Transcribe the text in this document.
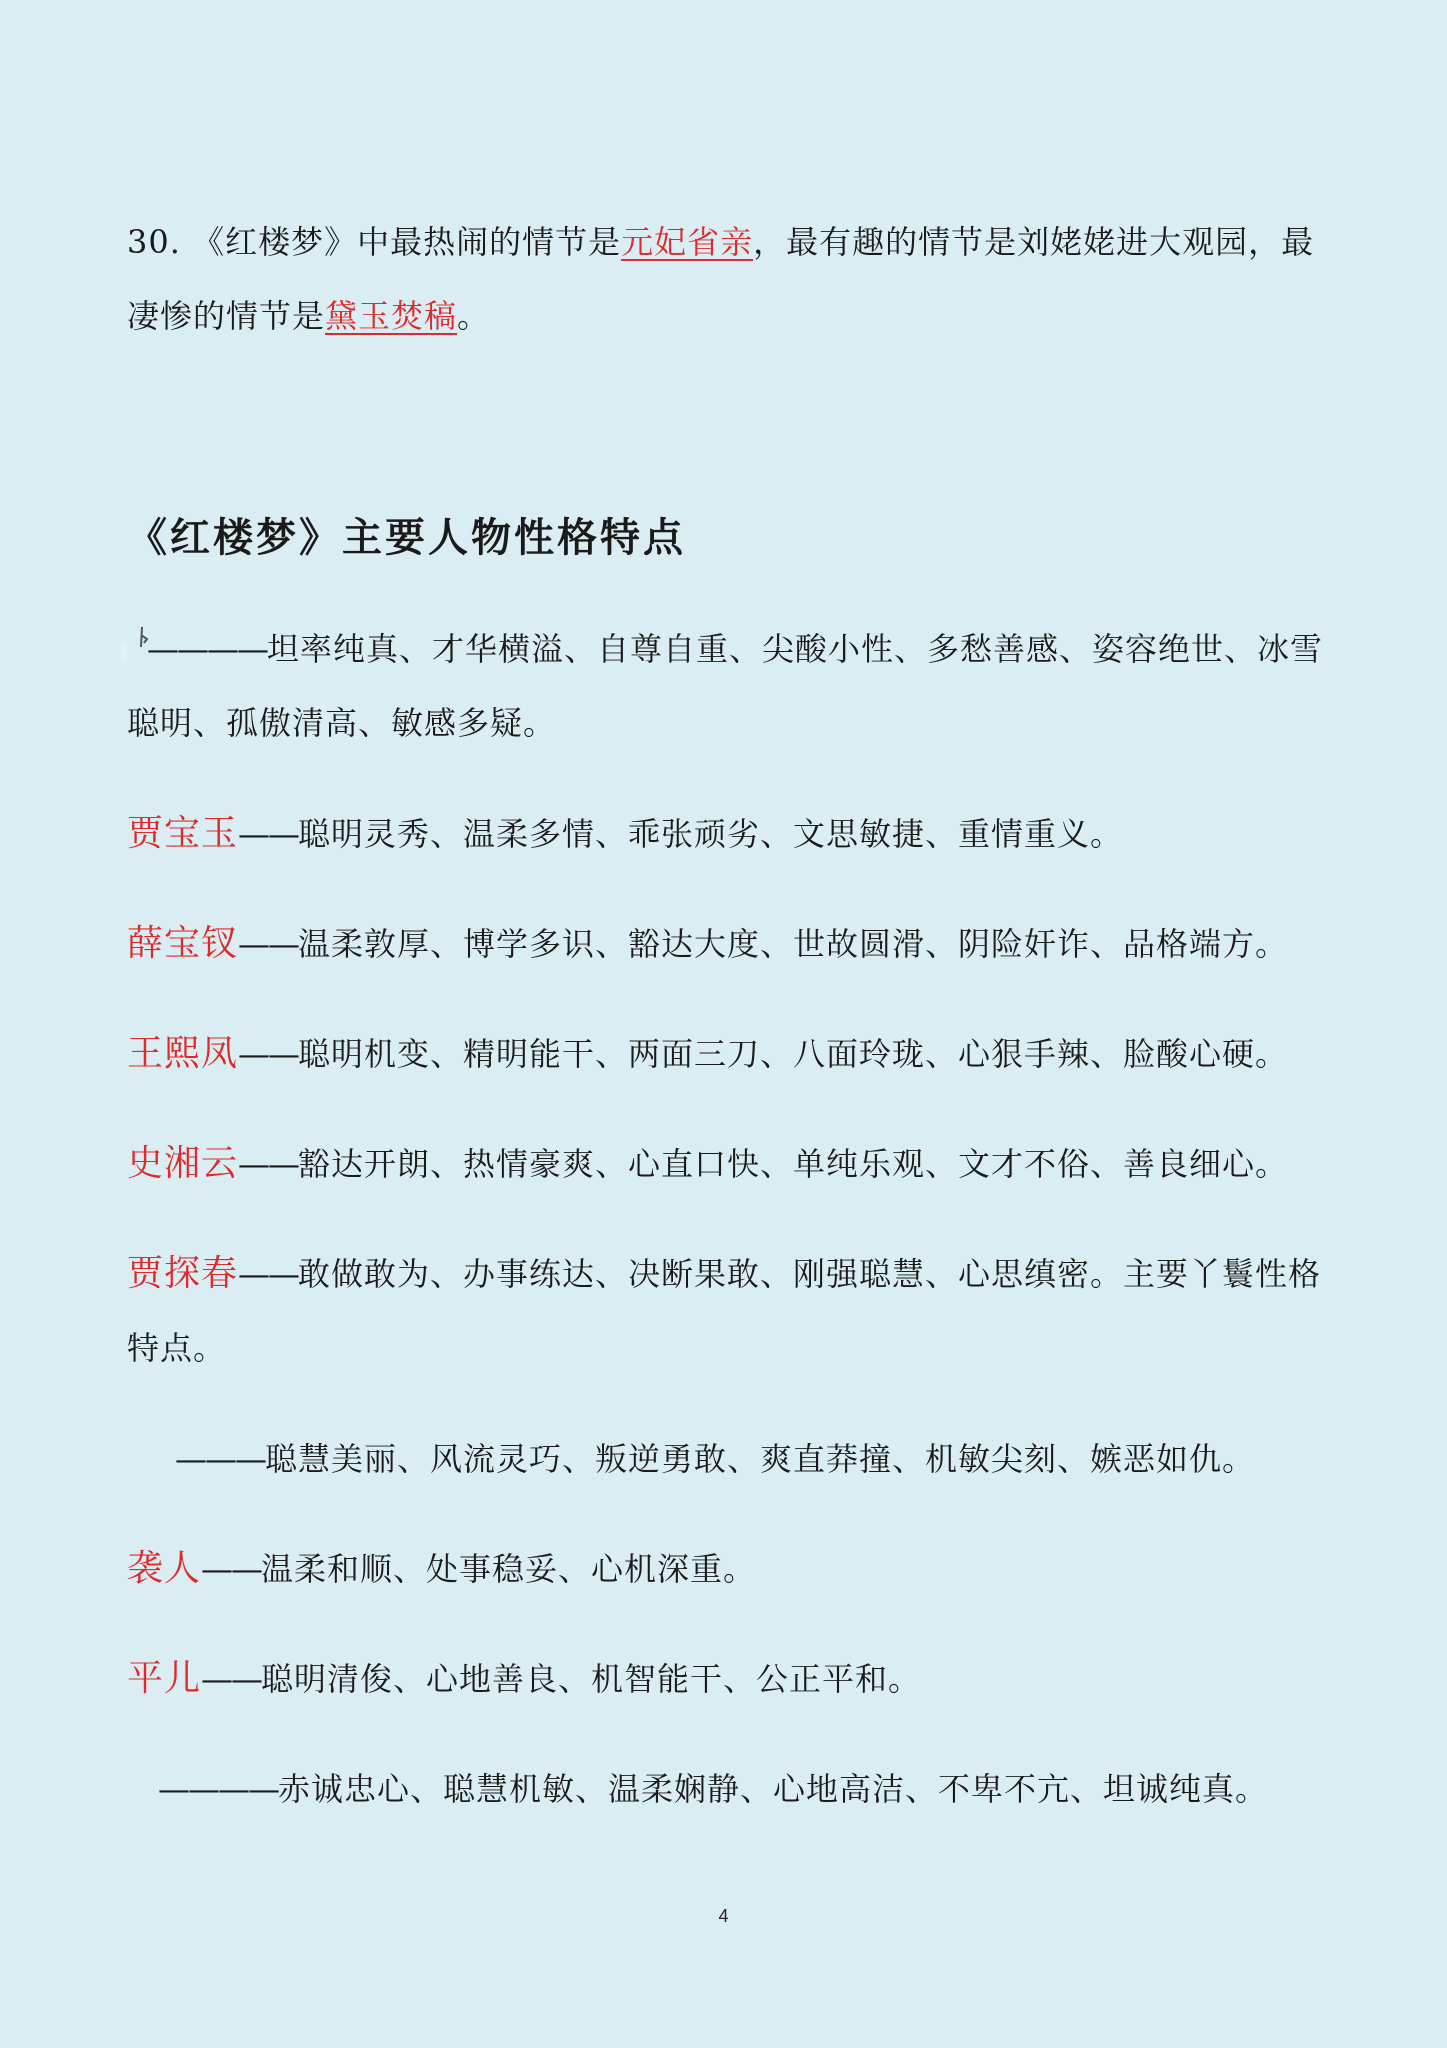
30. 《红楼梦》中最热闹的情节是元妃省亲，最有趣的情节是刘姥姥进大观园，最凄惨的情节是黛玉焚稿。
《红楼梦》主要人物性格特点
————坦率纯真、才华横溢、自尊自重、尖酸小性、多愁善感、姿容绝世、冰雪聪明、孤傲清高、敏感多疑。
贾宝玉——聪明灵秀、温柔多情、乖张顽劣、文思敏捷、重情重义。
薛宝钗——温柔敦厚、博学多识、豁达大度、世故圆滑、阴险奸诈、品格端方。
王熙凤——聪明机变、精明能干、两面三刀、八面玲珑、心狠手辣、脸酸心硬。
史湘云——豁达开朗、热情豪爽、心直口快、单纯乐观、文才不俗、善良细心。
贾探春——敢做敢为、办事练达、决断果敢、刚强聪慧、心思缜密。主要丫鬟性格特点。
———聪慧美丽、风流灵巧、叛逆勇敢、爽直莽撞、机敏尖刻、嫉恶如仇。
袭人——温柔和顺、处事稳妥、心机深重。
平儿——聪明清俊、心地善良、机智能干、公正平和。
————赤诚忠心、聪慧机敏、温柔娴静、心地高洁、不卑不亢、坦诚纯真。
4
